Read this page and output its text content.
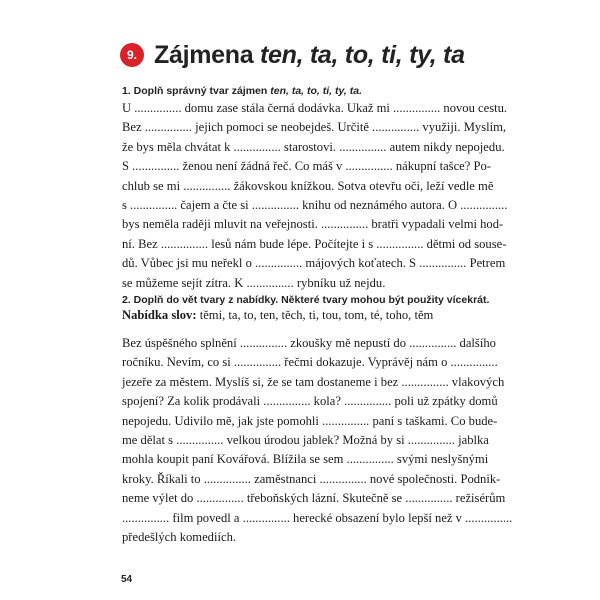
9. Zájmena ten, ta, to, ti, ty, ta
1. Doplň správný tvar zájmen ten, ta, to, ti, ty, ta.
U ............... domu zase stála černá dodávka. Ukaž mi ............... novou cestu.
Bez ............... jejich pomoci se neobejdeš. Určitě ............... využiji. Myslím,
že bys měla chvátat k ............... starostovi. ............... autem nikdy nepojedu.
S ............... ženou není žádná řeč. Co máš v ............... nákupní tašce? Po-
chlub se mi ............... žákovskou knížkou. Sotva otevřu oči, leží vedle mě
s ............... čajem a čte si ............... knihu od neznámého autora. O ...............
bys neměla raději mluvit na veřejnosti. ............... bratři vypadali velmi hod-
ní. Bez ............... lesů nám bude lépe. Počítejte i s ............... dětmi od souse-
dů. Vůbec jsi mu neřekl o ............... májových koťatech. S ............... Petrem
se můžeme sejít zítra. K ............... rybníku už nejdu.
2. Doplň do vět tvary z nabídky. Některé tvary mohou být použity vícekrát.
Nabídka slov: těmi, ta, to, ten, těch, ti, tou, tom, té, toho, těm
Bez úspěšného splnění ............... zkoušky mě nepustí do ............... dalšího
ročníku. Nevím, co si ............... řečmi dokazuje. Vyprávěj nám o ...............
jezeře za městem. Myslíš si, že se tam dostaneme i bez ............... vlakových
spojení? Za kolik prodávali ............... kola? ............... poli už zpátky domů
nepojedu. Udivilo mě, jak jste pomohli ............... paní s taškami. Co bude-
me dělat s ............... velkou úrodou jablek? Možná by si ............... jablka
mohla koupit paní Kovářová. Blížila se sem ............... svými neslyšnými
kroky. Říkali to ............... zaměstnanci ............... nové společnosti. Podnik-
neme výlet do ............... třeboňských lázní. Skutečně se ............... režisérům
............... film povedl a ............... herecké obsazení bylo lepší než v ...............
předešlých komediích.
54
